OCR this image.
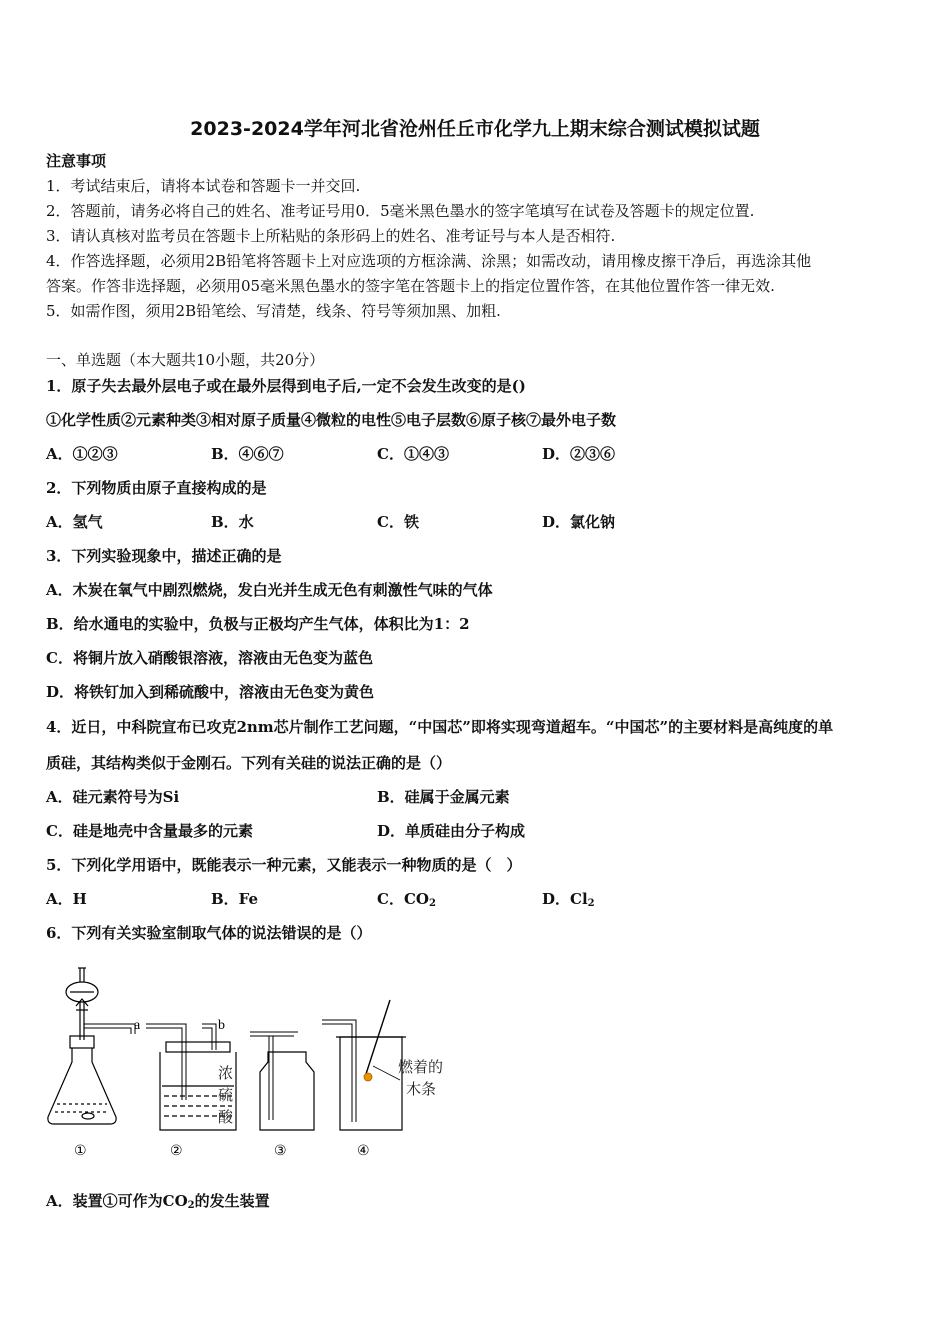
2023-2024学年河北省沧州任丘市化学九上期末综合测试模拟试题
注意事项
1．考试结束后，请将本试卷和答题卡一并交回.
2．答题前，请务必将自己的姓名、准考证号用0．5毫米黑色墨水的签字笔填写在试卷及答题卡的规定位置.
3．请认真核对监考员在答题卡上所粘贴的条形码上的姓名、准考证号与本人是否相符.
4．作答选择题，必须用2B铅笔将答题卡上对应选项的方框涂满、涂黑；如需改动，请用橡皮擦干净后，再选涂其他
答案。作答非选择题，必须用05毫米黑色墨水的签字笔在答题卡上的指定位置作答，在其他位置作答一律无效.
5．如需作图，须用2B铅笔绘、写清楚，线条、符号等须加黑、加粗.
一、单选题（本大题共10小题，共20分）
1．原子失去最外层电子或在最外层得到电子后,一定不会发生改变的是()
①化学性质②元素种类③相对原子质量④微粒的电性⑤电子层数⑥原子核⑦最外电子数
A．①②③	B．④⑥⑦	C．①④③	D．②③⑥
2．下列物质由原子直接构成的是
A．氢气	B．水	C．铁	D．氯化钠
3．下列实验现象中，描述正确的是
A．木炭在氧气中剧烈燃烧，发白光并生成无色有刺激性气味的气体
B．给水通电的实验中，负极与正极均产生气体，体积比为1：2
C．将铜片放入硝酸银溶液，溶液由无色变为蓝色
D．将铁钉加入到稀硫酸中，溶液由无色变为黄色
4．近日，中科院宣布已攻克2nm芯片制作工艺问题，“中国芯”即将实现弯道超车。“中国芯”的主要材料是高纯度的单
质硅，其结构类似于金刚石。下列有关硅的说法正确的是（）
A．硅元素符号为Si	B．硅属于金属元素
C．硅是地壳中含量最多的元素	D．单质硅由分子构成
5．下列化学用语中，既能表示一种元素，又能表示一种物质的是（　）
A．H	B．Fe	C．$CO_2$	D．$Cl_2$
6．下列有关实验室制取气体的说法错误的是（）
a	b
浓
硫
酸
燃着的
木条
①	②	③	④
A．装置①可作为$CO_2$的发生装置
